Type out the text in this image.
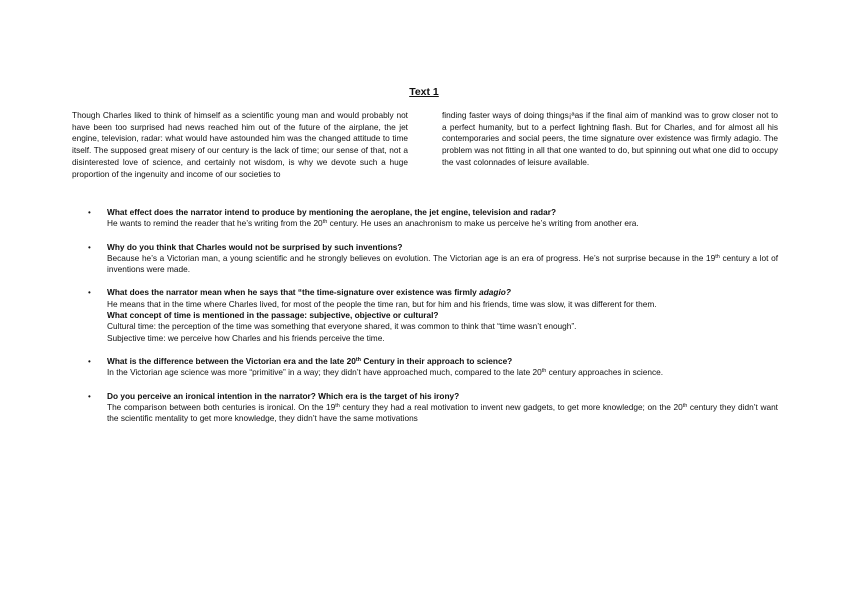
Text 1
Though Charles liked to think of himself as a scientific young man and would probably not have been too surprised had news reached him out of the future of the airplane, the jet engine, television, radar: what would have astounded him was the changed attitude to time itself. The supposed great misery of our century is the lack of time; our sense of that, not a disinterested love of science, and certainly not wisdom, is why we devote such a huge proportion of the ingenuity and income of our societies to
finding faster ways of doing things¡ªas if the final aim of mankind was to grow closer not to a perfect humanity, but to a perfect lightning flash. But for Charles, and for almost all his contemporaries and social peers, the time signature over existence was firmly adagio. The problem was not fitting in all that one wanted to do, but spinning out what one did to occupy the vast colonnades of leisure available.
• What effect does the narrator intend to produce by mentioning the aeroplane, the jet engine, television and radar?
He wants to remind the reader that he’s writing from the 20th century. He uses an anachronism to make us perceive he’s writing from another era.
• Why do you think that Charles would not be surprised by such inventions?
Because he’s a Victorian man, a young scientific and he strongly believes on evolution. The Victorian age is an era of progress. He’s not surprise because in the 19th century a lot of inventions were made.
• What does the narrator mean when he says that “the time-signature over existence was firmly adagio?
He means that in the time where Charles lived, for most of the people the time ran, but for him and his friends, time was slow, it was different for them.
What concept of time is mentioned in the passage: subjective, objective or cultural?
Cultural time: the perception of the time was something that everyone shared, it was common to think that “time wasn’t enough”.
Subjective time: we perceive how Charles and his friends perceive the time.
• What is the difference between the Victorian era and the late 20th Century in their approach to science?
In the Victorian age science was more “primitive” in a way; they didn’t have approached much, compared to the late 20th century approaches in science.
• Do you perceive an ironical intention in the narrator? Which era is the target of his irony?
The comparison between both centuries is ironical. On the 19th century they had a real motivation to invent new gadgets, to get more knowledge; on the 20th century they didn’t want the scientific mentality to get more knowledge, they didn’t have the same motivations
